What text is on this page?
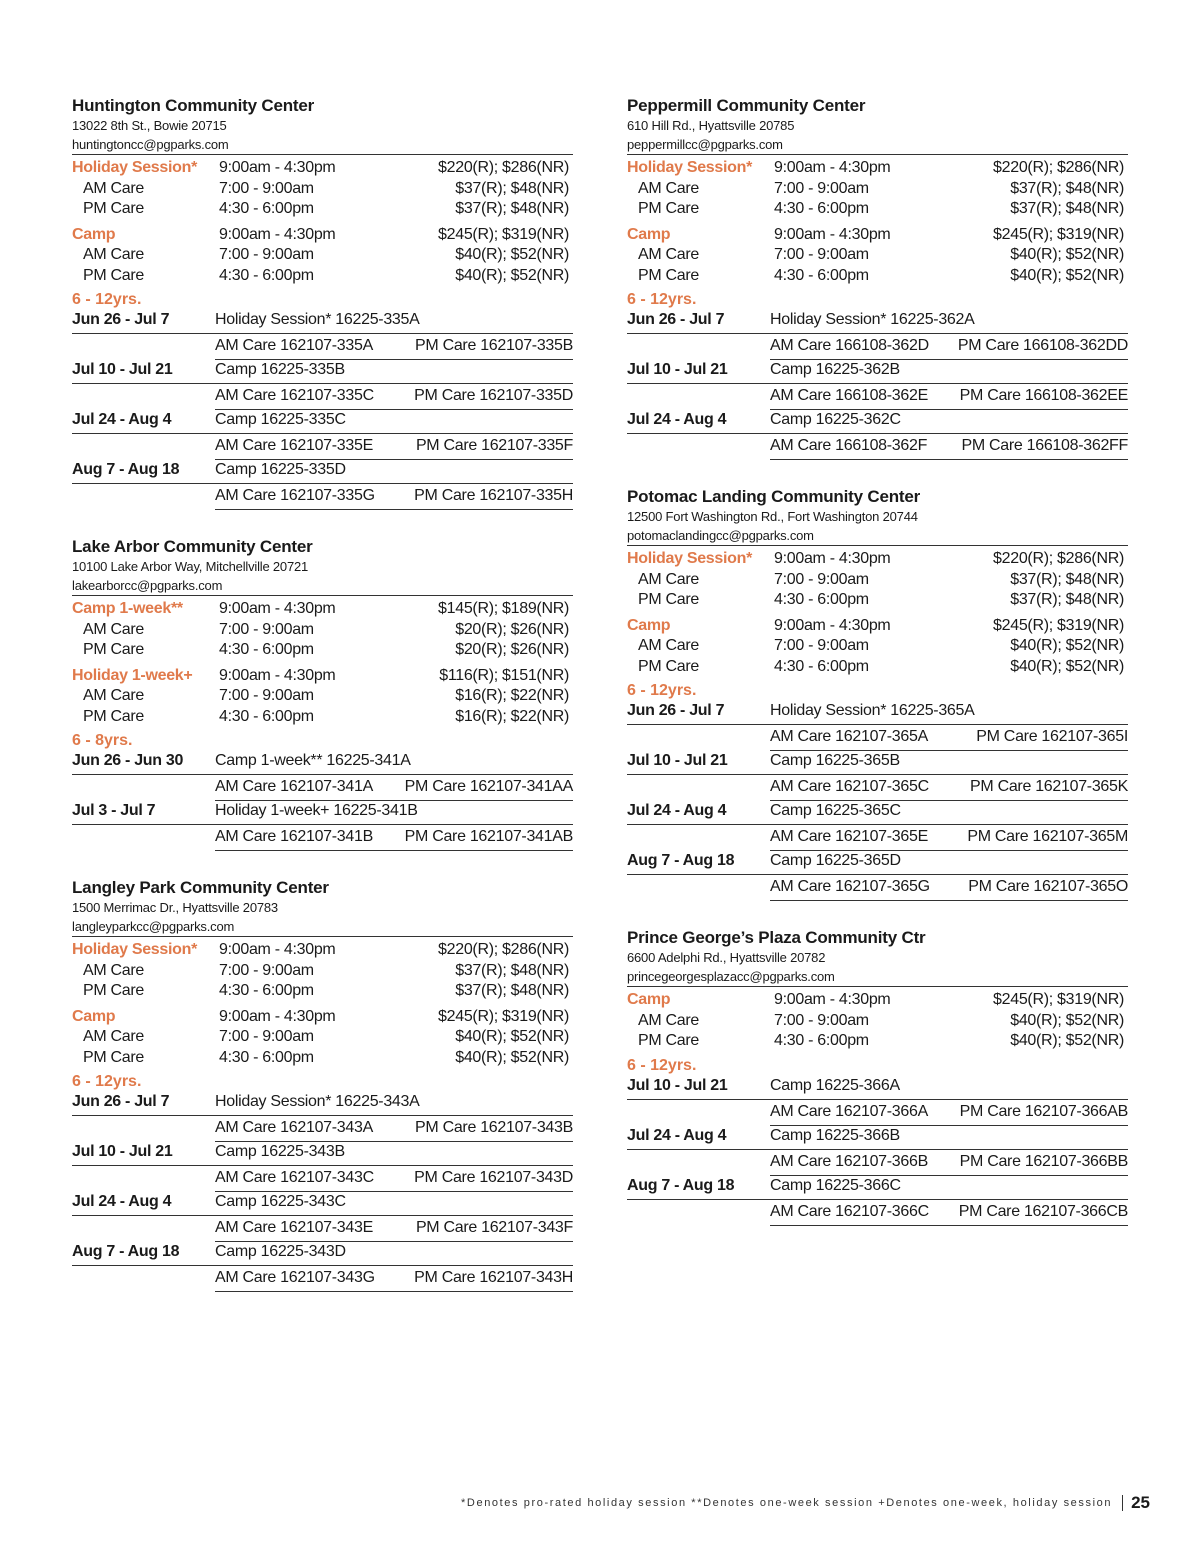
Huntington Community Center
13022 8th St., Bowie 20715
huntingtoncc@pgparks.com
Holiday Session*	9:00am - 4:30pm	$220(R); $286(NR)
AM Care	7:00 - 9:00am	$37(R); $48(NR)
PM Care	4:30 - 6:00pm	$37(R); $48(NR)
Camp	9:00am - 4:30pm	$245(R); $319(NR)
AM Care	7:00 - 9:00am	$40(R); $52(NR)
PM Care	4:30 - 6:00pm	$40(R); $52(NR)
6 - 12yrs.
Jun 26 - Jul 7	Holiday Session* 16225-335A
AM Care 162107-335A	PM Care 162107-335B
Jul 10 - Jul 21	Camp 16225-335B
AM Care 162107-335C	PM Care 162107-335D
Jul 24 - Aug 4	Camp 16225-335C
AM Care 162107-335E	PM Care 162107-335F
Aug 7 - Aug 18	Camp 16225-335D
AM Care 162107-335G	PM Care 162107-335H
Lake Arbor Community Center
10100 Lake Arbor Way, Mitchellville 20721
lakearborcc@pgparks.com
Camp 1-week**	9:00am - 4:30pm	$145(R); $189(NR)
AM Care	7:00 - 9:00am	$20(R); $26(NR)
PM Care	4:30 - 6:00pm	$20(R); $26(NR)
Holiday 1-week+	9:00am - 4:30pm	$116(R); $151(NR)
AM Care	7:00 - 9:00am	$16(R); $22(NR)
PM Care	4:30 - 6:00pm	$16(R); $22(NR)
6 - 8yrs.
Jun 26 - Jun 30	Camp 1-week** 16225-341A
AM Care 162107-341A	PM Care 162107-341AA
Jul 3 - Jul 7	Holiday 1-week+ 16225-341B
AM Care 162107-341B	PM Care 162107-341AB
Langley Park Community Center
1500 Merrimac Dr., Hyattsville 20783
langleyparkcc@pgparks.com
Holiday Session*	9:00am - 4:30pm	$220(R); $286(NR)
AM Care	7:00 - 9:00am	$37(R); $48(NR)
PM Care	4:30 - 6:00pm	$37(R); $48(NR)
Camp	9:00am - 4:30pm	$245(R); $319(NR)
AM Care	7:00 - 9:00am	$40(R); $52(NR)
PM Care	4:30 - 6:00pm	$40(R); $52(NR)
6 - 12yrs.
Jun 26 - Jul 7	Holiday Session* 16225-343A
AM Care 162107-343A	PM Care 162107-343B
Jul 10 - Jul 21	Camp 16225-343B
AM Care 162107-343C	PM Care 162107-343D
Jul 24 - Aug 4	Camp 16225-343C
AM Care 162107-343E	PM Care 162107-343F
Aug 7 - Aug 18	Camp 16225-343D
AM Care 162107-343G	PM Care 162107-343H
Peppermill Community Center
610 Hill Rd., Hyattsville 20785
peppermillcc@pgparks.com
Holiday Session*	9:00am - 4:30pm	$220(R); $286(NR)
AM Care	7:00 - 9:00am	$37(R); $48(NR)
PM Care	4:30 - 6:00pm	$37(R); $48(NR)
Camp	9:00am - 4:30pm	$245(R); $319(NR)
AM Care	7:00 - 9:00am	$40(R); $52(NR)
PM Care	4:30 - 6:00pm	$40(R); $52(NR)
6 - 12yrs.
Jun 26 - Jul 7	Holiday Session* 16225-362A
AM Care 166108-362D	PM Care 166108-362DD
Jul 10 - Jul 21	Camp 16225-362B
AM Care 166108-362E	PM Care 166108-362EE
Jul 24 - Aug 4	Camp 16225-362C
AM Care 166108-362F	PM Care 166108-362FF
Potomac Landing Community Center
12500 Fort Washington Rd., Fort Washington 20744
potomaclandingcc@pgparks.com
Holiday Session*	9:00am - 4:30pm	$220(R); $286(NR)
AM Care	7:00 - 9:00am	$37(R); $48(NR)
PM Care	4:30 - 6:00pm	$37(R); $48(NR)
Camp	9:00am - 4:30pm	$245(R); $319(NR)
AM Care	7:00 - 9:00am	$40(R); $52(NR)
PM Care	4:30 - 6:00pm	$40(R); $52(NR)
6 - 12yrs.
Jun 26 - Jul 7	Holiday Session* 16225-365A
AM Care 162107-365A	PM Care 162107-365I
Jul 10 - Jul 21	Camp 16225-365B
AM Care 162107-365C	PM Care 162107-365K
Jul 24 - Aug 4	Camp 16225-365C
AM Care 162107-365E	PM Care 162107-365M
Aug 7 - Aug 18	Camp 16225-365D
AM Care 162107-365G	PM Care 162107-365O
Prince George’s Plaza Community Ctr
6600 Adelphi Rd., Hyattsville 20782
princegeorgesplazacc@pgparks.com
Camp	9:00am - 4:30pm	$245(R); $319(NR)
AM Care	7:00 - 9:00am	$40(R); $52(NR)
PM Care	4:30 - 6:00pm	$40(R); $52(NR)
6 - 12yrs.
Jul 10 - Jul 21	Camp 16225-366A
AM Care 162107-366A	PM Care 162107-366AB
Jul 24 - Aug 4	Camp 16225-366B
AM Care 162107-366B	PM Care 162107-366BB
Aug 7 - Aug 18	Camp 16225-366C
AM Care 162107-366C	PM Care 162107-366CB
*Denotes pro-rated holiday session **Denotes one-week session +Denotes one-week, holiday session 25
